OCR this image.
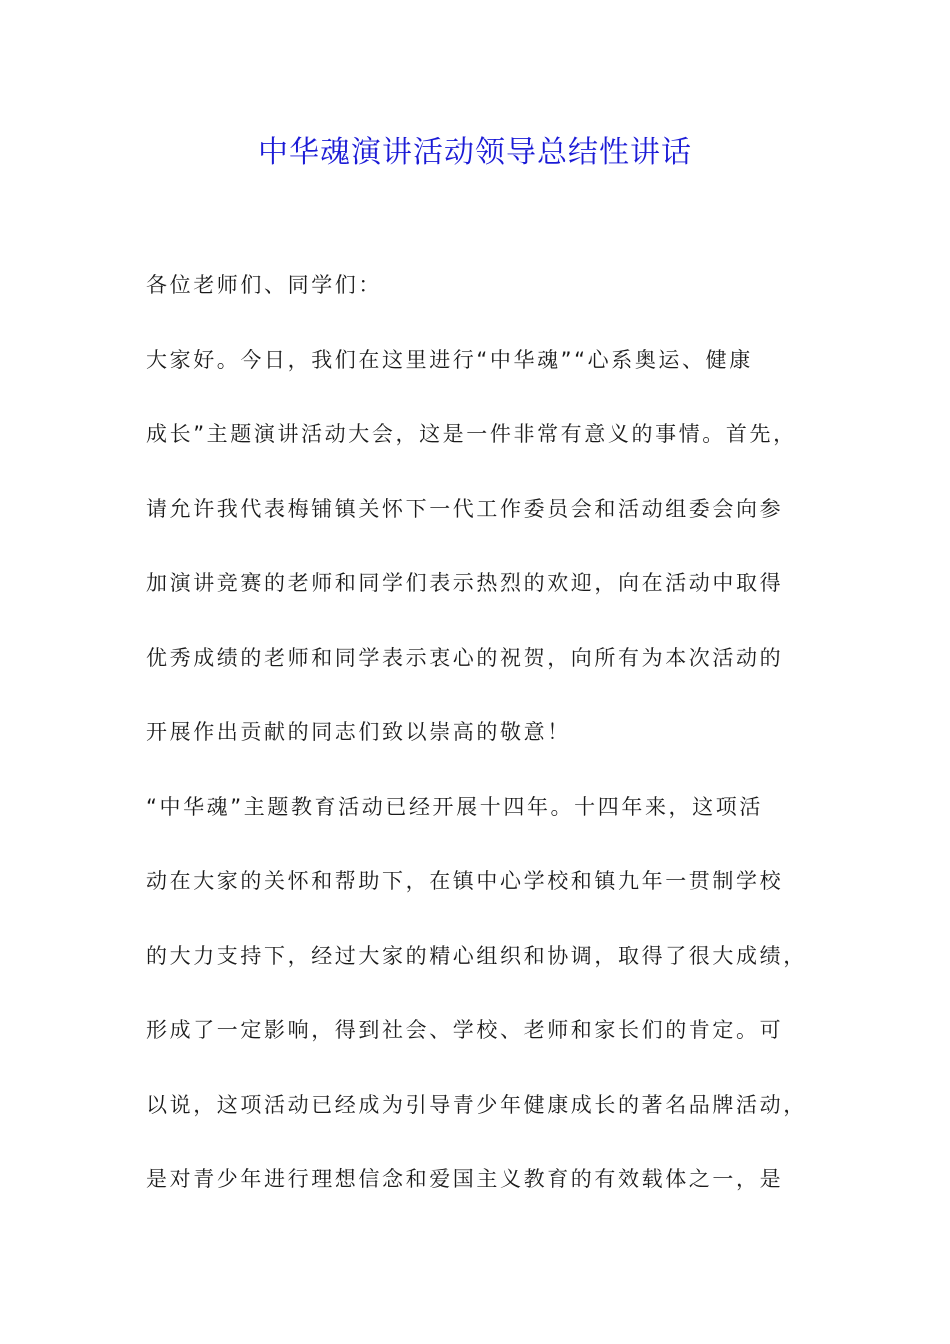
中华魂演讲活动领导总结性讲话
各位老师们、同学们：
大家好。今日，我们在这里进行“中华魂”“心系奥运、健康
成长”主题演讲活动大会，这是一件非常有意义的事情。首先，
请允许我代表梅铺镇关怀下一代工作委员会和活动组委会向参
加演讲竞赛的老师和同学们表示热烈的欢迎，向在活动中取得
优秀成绩的老师和同学表示衷心的祝贺，向所有为本次活动的
开展作出贡献的同志们致以崇高的敬意！
“中华魂”主题教育活动已经开展十四年。十四年来，这项活
动在大家的关怀和帮助下，在镇中心学校和镇九年一贯制学校
的大力支持下，经过大家的精心组织和协调，取得了很大成绩，
形成了一定影响，得到社会、学校、老师和家长们的肯定。可
以说，这项活动已经成为引导青少年健康成长的著名品牌活动，
是对青少年进行理想信念和爱国主义教育的有效载体之一，是
